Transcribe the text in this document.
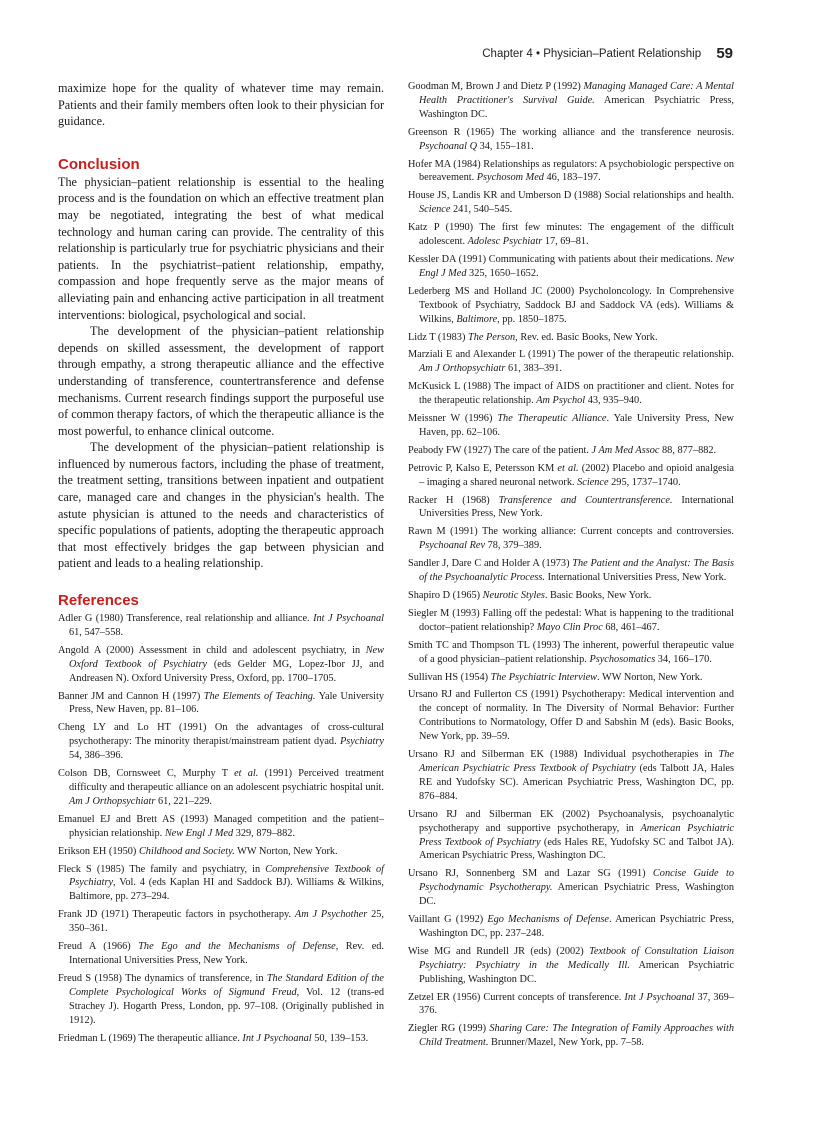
Chapter 4 • Physician–Patient Relationship 59

maximize hope for the quality of whatever time may remain. Patients and their family members often look to their physician for guidance.

Conclusion

The physician–patient relationship is essential to the healing process and is the foundation on which an effective treatment plan may be negotiated, integrating the best of what medical technology and human caring can provide. The centrality of this relationship is particularly true for psychiatric physicians and their patients. In the psychiatrist–patient relationship, empathy, compassion and hope frequently serve as the major means of alleviating pain and enhancing active participation in all treatment interventions: biological, psychological and social.

The development of the physician–patient relationship depends on skilled assessment, the development of rapport through empathy, a strong therapeutic alliance and the effective understanding of transference, countertransference and defense mechanisms. Current research findings support the purposeful use of common therapy factors, of which the therapeutic alliance is the most powerful, to enhance clinical outcome.

The development of the physician–patient relationship is influenced by numerous factors, including the phase of treatment, the treatment setting, transitions between inpatient and outpatient care, managed care and changes in the physician's health. The astute physician is attuned to the needs and characteristics of specific populations of patients, adopting the therapeutic approach that most effectively bridges the gap between physician and patient and leads to a healing relationship.

References
Adler G (1980) Transference, real relationship and alliance. Int J Psychoanal 61, 547–558.
Angold A (2000) Assessment in child and adolescent psychiatry, in New Oxford Textbook of Psychiatry (eds Gelder MG, Lopez-Ibor JJ, and Andreasen N). Oxford University Press, Oxford, pp. 1700–1705.
Banner JM and Cannon H (1997) The Elements of Teaching. Yale University Press, New Haven, pp. 81–106.
Cheng LY and Lo HT (1991) On the advantages of cross-cultural psychotherapy: The minority therapist/mainstream patient dyad. Psychiatry 54, 386–396.
Colson DB, Cornsweet C, Murphy T et al. (1991) Perceived treatment difficulty and therapeutic alliance on an adolescent psychiatric hospital unit. Am J Orthopsychiatr 61, 221–229.
Emanuel EJ and Brett AS (1993) Managed competition and the patient–physician relationship. New Engl J Med 329, 879–882.
Erikson EH (1950) Childhood and Society. WW Norton, New York.
Fleck S (1985) The family and psychiatry, in Comprehensive Textbook of Psychiatry, Vol. 4 (eds Kaplan HI and Saddock BJ). Williams & Wilkins, Baltimore, pp. 273–294.
Frank JD (1971) Therapeutic factors in psychotherapy. Am J Psychother 25, 350–361.
Freud A (1966) The Ego and the Mechanisms of Defense, Rev. ed. International Universities Press, New York.
Freud S (1958) The dynamics of transference, in The Standard Edition of the Complete Psychological Works of Sigmund Freud, Vol. 12 (trans-ed Strachey J). Hogarth Press, London, pp. 97–108. (Originally published in 1912).
Friedman L (1969) The therapeutic alliance. Int J Psychoanal 50, 139–153.
Goodman M, Brown J and Dietz P (1992) Managing Managed Care: A Mental Health Practitioner's Survival Guide. American Psychiatric Press, Washington DC.
Greenson R (1965) The working alliance and the transference neurosis. Psychoanal Q 34, 155–181.
Hofer MA (1984) Relationships as regulators: A psychobiologic perspective on bereavement. Psychosom Med 46, 183–197.
House JS, Landis KR and Umberson D (1988) Social relationships and health. Science 241, 540–545.
Katz P (1990) The first few minutes: The engagement of the difficult adolescent. Adolesc Psychiatr 17, 69–81.
Kessler DA (1991) Communicating with patients about their medications. New Engl J Med 325, 1650–1652.
Lederberg MS and Holland JC (2000) Psycholoncology. In Comprehensive Textbook of Psychiatry, Saddock BJ and Saddock VA (eds). Williams & Wilkins, Baltimore, pp. 1850–1875.
Lidz T (1983) The Person, Rev. ed. Basic Books, New York.
Marziali E and Alexander L (1991) The power of the therapeutic relationship. Am J Orthopsychiatr 61, 383–391.
McKusick L (1988) The impact of AIDS on practitioner and client. Notes for the therapeutic relationship. Am Psychol 43, 935–940.
Meissner W (1996) The Therapeutic Alliance. Yale University Press, New Haven, pp. 62–106.
Peabody FW (1927) The care of the patient. J Am Med Assoc 88, 877–882.
Petrovic P, Kalso E, Petersson KM et al. (2002) Placebo and opioid analgesia – imaging a shared neuronal network. Science 295, 1737–1740.
Racker H (1968) Transference and Countertransference. International Universities Press, New York.
Rawn M (1991) The working alliance: Current concepts and controversies. Psychoanal Rev 78, 379–389.
Sandler J, Dare C and Holder A (1973) The Patient and the Analyst: The Basis of the Psychoanalytic Process. International Universities Press, New York.
Shapiro D (1965) Neurotic Styles. Basic Books, New York.
Siegler M (1993) Falling off the pedestal: What is happening to the traditional doctor–patient relationship? Mayo Clin Proc 68, 461–467.
Smith TC and Thompson TL (1993) The inherent, powerful therapeutic value of a good physician–patient relationship. Psychosomatics 34, 166–170.
Sullivan HS (1954) The Psychiatric Interview. WW Norton, New York.
Ursano RJ and Fullerton CS (1991) Psychotherapy: Medical intervention and the concept of normality. In The Diversity of Normal Behavior: Further Contributions to Normatology, Offer D and Sabshin M (eds). Basic Books, New York, pp. 39–59.
Ursano RJ and Silberman EK (1988) Individual psychotherapies in The American Psychiatric Press Textbook of Psychiatry (eds Talbott JA, Hales RE and Yudofsky SC). American Psychiatric Press, Washington DC, pp. 876–884.
Ursano RJ and Silberman EK (2002) Psychoanalysis, psychoanalytic psychotherapy and supportive psychotherapy, in American Psychiatric Press Textbook of Psychiatry (eds Hales RE, Yudofsky SC and Talbot JA). American Psychiatric Press, Washington DC.
Ursano RJ, Sonnenberg SM and Lazar SG (1991) Concise Guide to Psychodynamic Psychotherapy. American Psychiatric Press, Washington DC.
Vaillant G (1992) Ego Mechanisms of Defense. American Psychiatric Press, Washington DC, pp. 237–248.
Wise MG and Rundell JR (eds) (2002) Textbook of Consultation Liaison Psychiatry: Psychiatry in the Medically Ill. American Psychiatric Publishing, Washington DC.
Zetzel ER (1956) Current concepts of transference. Int J Psychoanal 37, 369–376.
Ziegler RG (1999) Sharing Care: The Integration of Family Approaches with Child Treatment. Brunner/Mazel, New York, pp. 7–58.
